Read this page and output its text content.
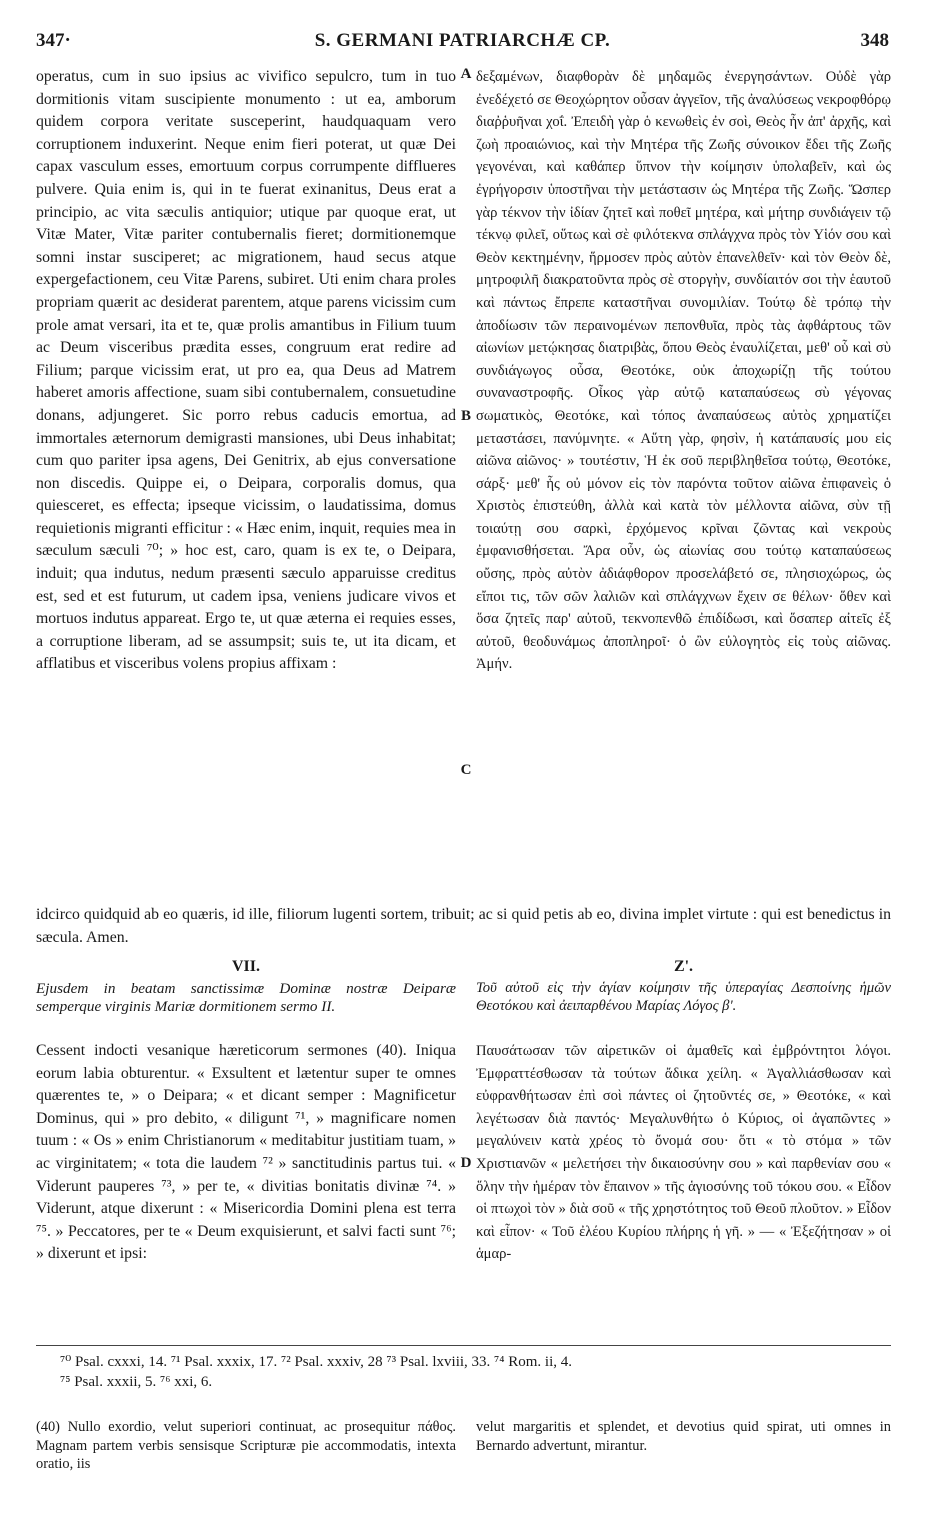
347·	S. GERMANI PATRIARCHÆ CP.	348
A
B
C
D

operatus, cum in suo ipsius ac vivifico sepulcro, tum in tuo dormitionis vitam suscipiente monumento : ut ea, amborum quidem corpora veritate susceperint, haudquaquam vero corruptionem induxerint. Neque enim fieri poterat, ut quæ Dei capax vasculum esses, emortuum corpus corrumpente difflueres pulvere. Quia enim is, qui in te fuerat exinanitus, Deus erat a principio, ac vita sæculis antiquior; utique par quoque erat, ut Vitæ Mater, Vitæ pariter contubernalis fieret; dormitionemque somni instar susciperet; ac migrationem, haud secus atque expergefactionem, ceu Vitæ Parens, subiret. Uti enim chara proles propriam quærit ac desiderat parentem, atque parens vicissim cum prole amat versari, ita et te, quæ prolis amantibus in Filium tuum ac Deum visceribus prædita esses, congruum erat redire ad Filium; parque vicissim erat, ut pro ea, qua Deus ad Matrem haberet amoris affectione, suam sibi contubernalem, consuetudine donans, adjungeret. Sic porro rebus caducis emortua, ad immortales æternorum demigrasti mansiones, ubi Deus inhabitat; cum quo pariter ipsa agens, Dei Genitrix, ab ejus conversatione non discedis. Quippe ei, o Deipara, corporalis domus, qua quiesceret, es effecta; ipseque vicissim, o laudatissima, domus requietionis migranti efficitur : « Hæc enim, inquit, requies mea in sæculum sæculi ⁷⁰; » hoc est, caro, quam is ex te, o Deipara, induit; qua indutus, nedum præsenti sæculo apparuisse creditus est, sed et est futurum, ut cadem ipsa, veniens judicare vivos et mortuos indutus appareat. Ergo te, ut quæ æterna ei requies esses, a corruptione liberam, ad se assumpsit; suis te, ut ita dicam, et afflatibus et visceribus volens propius affixam :

δεξαμένων, διαφθορὰν δὲ μηδαμῶς ἐνεργησάντων. Οὐδὲ γὰρ ἐνεδέχετό σε Θεοχώρητον οὖσαν ἀγγεῖον, τῆς ἀναλύσεως νεκροφθόρῳ διαῤῥυῆναι χοΐ. Ἐπειδὴ γὰρ ὁ κενωθεὶς ἐν σοὶ, Θεὸς ἦν ἀπ' ἀρχῆς, καὶ ζωὴ προαιώνιος, καὶ τὴν Μητέρα τῆς Ζωῆς σύνοικον ἔδει τῆς Ζωῆς γεγονέναι, καὶ καθάπερ ὕπνον τὴν κοίμησιν ὑπολαβεῖν, καὶ ὡς ἐγρήγορσιν ὑποστῆναι τὴν μετάστασιν ὡς Μητέρα τῆς Ζωῆς. Ὥσπερ γὰρ τέκνον τὴν ἰδίαν ζητεῖ καὶ ποθεῖ μητέρα, καὶ μήτηρ συνδιάγειν τῷ τέκνῳ φιλεῖ, οὕτως καὶ σὲ φιλότεκνα σπλάγχνα πρὸς τὸν Υἱόν σου καὶ Θεὸν κεκτημένην, ἥρμοσεν πρὸς αὐτὸν ἐπανελθεῖν· καὶ τὸν Θεὸν δὲ, μητροφιλῆ διακρατοῦντα πρὸς σὲ στοργὴν, συνδίαιτόν σοι τὴν ἑαυτοῦ καὶ πάντως ἔπρεπε καταστῆναι συνομιλίαν. Τούτῳ δὲ τρόπῳ τὴν ἀποδίωσιν τῶν περαινομένων πεπονθυῖα, πρὸς τὰς ἀφθάρτους τῶν αἰωνίων μετῴκησας διατριβὰς, ὅπου Θεὸς ἐναυλίζεται, μεθ' οὗ καὶ σὺ συνδιάγωγος οὖσα, Θεοτόκε, οὐκ ἀποχωρίζῃ τῆς τούτου συναναστροφῆς. Οἶκος γὰρ αὐτῷ καταπαύσεως σὺ γέγονας σωματικὸς, Θεοτόκε, καὶ τόπος ἀναπαύσεως αὐτὸς χρηματίζει μεταστάσει, πανύμνητε. « Αὕτη γὰρ, φησὶν, ἡ κατάπαυσίς μου εἰς αἰῶνα αἰῶνος· » τουτέστιν, Ἡ ἐκ σοῦ περιβληθεῖσα τούτῳ, Θεοτόκε, σάρξ· μεθ' ἧς οὐ μόνον εἰς τὸν παρόντα τοῦτον αἰῶνα ἐπιφανεὶς ὁ Χριστὸς ἐπιστεύθη, ἀλλὰ καὶ κατὰ τὸν μέλλοντα αἰῶνα, σὺν τῇ τοιαύτῃ σου σαρκὶ, ἐρχόμενος κρῖναι ζῶντας καὶ νεκροὺς ἐμφανισθήσεται. Ἄρα οὖν, ὡς αἰωνίας σου τούτῳ καταπαύσεως οὔσης, πρὸς αὐτὸν ἀδιάφθορον προσελάβετό σε, πλησιοχώρως, ὡς εἴποι τις, τῶν σῶν λαλιῶν καὶ σπλάγχνων ἔχειν σε θέλων· ὅθεν καὶ ὅσα ζητεῖς παρ' αὐτοῦ, τεκνοπενθῶ ἐπιδίδωσι, καὶ ὅσαπερ αἰτεῖς ἐξ αὐτοῦ, θεοδυνάμως ἀποπληροῖ· ὁ ὢν εὐλογητὸς εἰς τοὺς αἰῶνας. Ἀμήν.

idcirco quidquid ab eo quæris, id ille, filiorum lugenti sortem, tribuit; ac si quid petis ab eo, divina implet virtute : qui est benedictus in sæcula. Amen.
VII.
Ejusdem in beatam sanctissimæ Dominæ nostræ Deiparæ semperque virginis Mariæ dormitionem sermo II.

Cessent indocti vesanique hæreticorum sermones (40). Iniqua eorum labia obturentur. « Exsultent et lætentur super te omnes quærentes te, » o Deipara; « et dicant semper : Magnificetur Dominus, qui » pro debito, « diligunt ⁷¹, » magnificare nomen tuum : « Os » enim Christianorum « meditabitur justitiam tuam, » ac virginitatem; « tota die laudem ⁷² » sanctitudinis partus tui. « Viderunt pauperes ⁷³, » per te, « divitias bonitatis divinæ ⁷⁴. » Viderunt, atque dixerunt : « Misericordia Domini plena est terra ⁷⁵. » Peccatores, per te « Deum exquisierunt, et salvi facti sunt ⁷⁶; » dixerunt et ipsi:

Ζ'.
Τοῦ αὐτοῦ εἰς τὴν ἁγίαν κοίμησιν τῆς ὑπεραγίας Δεσποίνης ἡμῶν Θεοτόκου καὶ ἀειπαρθένου Μαρίας Λόγος β'.

Παυσάτωσαν τῶν αἱρετικῶν οἱ ἀμαθεῖς καὶ ἐμβρόντητοι λόγοι. Ἐμφραττέσθωσαν τὰ τούτων ἄδικα χείλη. « Ἀγαλλιάσθωσαν καὶ εὐφρανθήτωσαν ἐπὶ σοὶ πάντες οἱ ζητοῦντές σε, » Θεοτόκε, « καὶ λεγέτωσαν διὰ παντός· Μεγαλυνθήτω ὁ Κύριος, οἱ ἀγαπῶντες » μεγαλύνειν κατὰ χρέος τὸ ὄνομά σου· ὅτι « τὸ στόμα » τῶν Χριστιανῶν « μελετήσει τὴν δικαιοσύνην σου » καὶ παρθενίαν σου « ὅλην τὴν ἡμέραν τὸν ἔπαινον » τῆς ἁγιοσύνης τοῦ τόκου σου. « Εἶδον οἱ πτωχοὶ τὸν » διὰ σοῦ « τῆς χρηστότητος τοῦ Θεοῦ πλοῦτον. » Εἶδον καὶ εἶπον· « Τοῦ ἐλέου Κυρίου πλήρης ἡ γῆ. » — « Ἐξεζήτησαν » οἱ ἁμαρ-

⁷⁰ Psal. cxxxi, 14. ⁷¹ Psal. xxxix, 17. ⁷² Psal. xxxiv, 28 ⁷³ Psal. lxviii, 33. ⁷⁴ Rom. ii, 4.
⁷⁵ Psal. xxxii, 5. ⁷⁶ xxi, 6.
(40) Nullo exordio, velut superiori continuat, ac prosequitur πάθος. Magnam partem verbis sensisque Scripturæ pie accommodatis, intexta oratio, iis
velut margaritis et splendet, et devotius quid spirat, uti omnes in Bernardo advertunt, mirantur.
